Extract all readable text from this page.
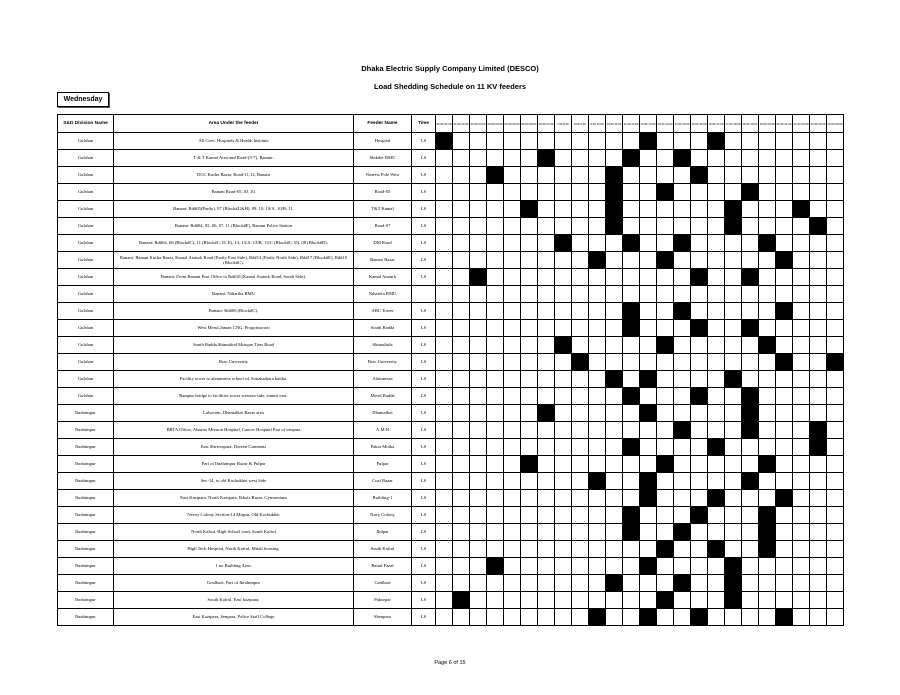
Dhaka Electric Supply Company Limited (DESCO)
Load Shedding Schedule on 11 KV feeders
Wednesday
S&D Division Name	Area Under the feeder	Feeder Name	Time	00:00 01:00	01:00 02:00	02:00 03:00	03:00 04:00	04:00 05:00	05:00 06:00	06:00 07:00	7:00 8:00	8:00 9:00	9:00 10:00	10:00 11:00	11:00 12:00	12:00 13:00	13:00 14:00	14:00 15:00	15:00 16:00	16:00 17:00	17:00 18:00	18:00 19:00	19:00 20:00	20:00 21:00	21:00 22:00	22:00 23:00	23:00 00:00
Gulshan	All Govt. Hospitals & Health Institute	Hospital	LS																								
Gulshan	T & T Kamal Area and Road-(5-7), Banani.	Shikder RMU	LS																								
Gulshan	DCC Kacha Bazar, Road-11,12, Banani	Nearest Pole West	LS																								
Gulshan	Banani Road-05, 03 ,01	Road-05	LS																								
Gulshan	Banani: Rd#05(Partly), 07 (Block#G&H), 09, 10, 10/A, 10/B, 11.	T&T Kamal	LS																								
Gulshan	Banani: Rd#04, 05, 06, 07, 11 (Block#F), Banani Police Station	Road-07	LS																								
Gulshan	Banani: Rd#04, 06 (Block#C), 11 (Block#C, D, E), 13, 13/A, 13/B, 13/C (Block#C, D), 08 (Block#D).	DM Road	LS																								
Gulshan	Banani: Banani Kacha Bazar, Kamal Ataturk Road (Partly East Side), Rd#12 (Partly North Side), Rd#17 (Block#E), Rd#10 (Block#C).	Banani Bazar	LS																								
Gulshan	Banani: From Banani Post Office to Rd#10 (Kamal Ataturk Road, South Side).	Kamal Ataturk	LS																								
Gulshan	Banani: Niharika RMU	Niharika RMU																									
Gulshan	Banani: Rd#06 (Block#C).	ABC Tower	LS																								
Gulshan	West Merul,Jaman CNG, Progotisoroni	South Badda	LS																								
Gulshan	South Badda,Shimultod Mosque,Titas Road	Shimultola	LS																								
Gulshan	Brac University	Brac University	LS																								
Gulshan	Facility tower to alatunnesa school rd, Sonakathara baitha.	Alatunessa	LS																								
Gulshan	Rampur bridge to facilities tower western side, sumitr east.	Merul Badda	LS																								
Ibrahimpur	Lalsorani, Dhamalkot Bazar area	Dhamalkot	LS																								
Ibrahimpur	BRTA Office, Alsunia Mission Hospital, Cancer Hospital Part of senpara	A.M.H	LS																								
Ibrahimpur	East Shewrapara, Doreen Garments	Pakar Motha	LS																								
Ibrahimpur	Part of Ibrahimpur Bazar & Pulpar	Pulpar	LS																								
Ibrahimpur	Sec-14, to old Kachukhet west Side	Cuzi Bazar	LS																								
Ibrahimpur	East Kazipara, North Kazipara, Ikbols Bazar, Gymnesium	Building-1	LS																								
Ibrahimpur	Nevey Colony Section-14 Mirpur, Old Kochukhet	Navy Colony	LS																								
Ibrahimpur	North Kafrul, High School road, South Kafrul	Jhilpar	LS																								
Ibrahimpur	High Tech Hospital, North Kafrul, Mitali housing.	South Kafrul	LS																								
Ibrahimpur	1 no Building Area,	Baitul Fazal	LS																								
Ibrahimpur	Goalbazi, Part of Ibrahimpur	Goalbari	LS																								
Ibrahimpur	South Kafrul, East kazipara,	Pukurpar	LS																								
Ibrahimpur	East Kazipara, Senpara, Police Staff College	Shenpara	LS																								
Page 6 of 15
